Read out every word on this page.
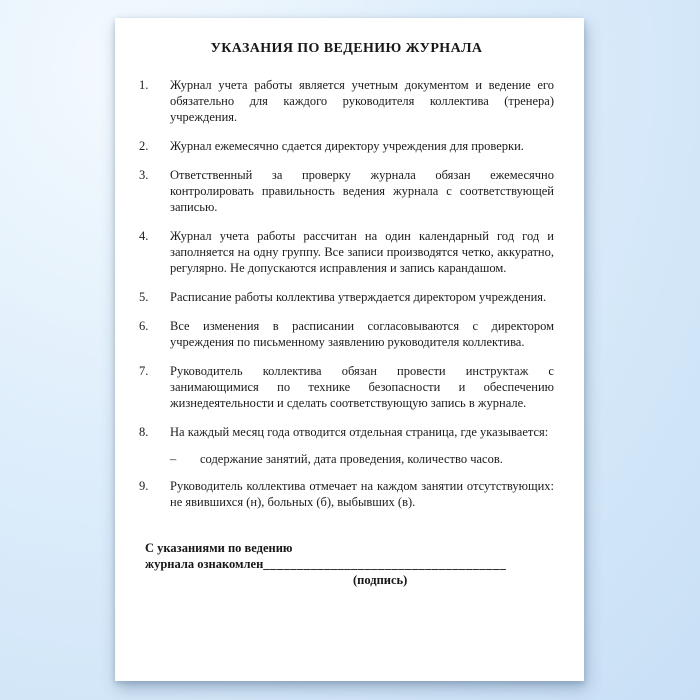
УКАЗАНИЯ ПО ВЕДЕНИЮ ЖУРНАЛА
1.	Журнал учета работы является учетным документом и ведение его обязательно для каждого руководителя коллектива (тренера) учреждения.
2.	Журнал ежемесячно сдается директору учреждения для проверки.
3.	Ответственный за проверку журнала обязан ежемесячно контролировать правильность ведения журнала с соответствующей записью.
4.	Журнал учета работы рассчитан на один календарный год год и заполняется на одну группу. Все записи производятся четко, аккуратно, регулярно. Не допускаются исправления и запись карандашом.
5.	Расписание работы коллектива утверждается директором учреждения.
6.	Все изменения в расписании согласовываются с директором учреждения по письменному заявлению руководителя коллектива.
7.	Руководитель коллектива обязан провести инструктаж с занимающимися по технике безопасности и обеспечению жизнедеятельности и сделать соответствующую запись в журнале.
8.	На каждый месяц года отводится отдельная страница, где указывается:
–	содержание занятий, дата проведения, количество часов.
9.	Руководитель коллектива отмечает на каждом занятии отсутствующих: не явившихся (н), больных (б), выбывших (в).
С указаниями по ведению
журнала ознакомлен____________________________________
(подпись)
